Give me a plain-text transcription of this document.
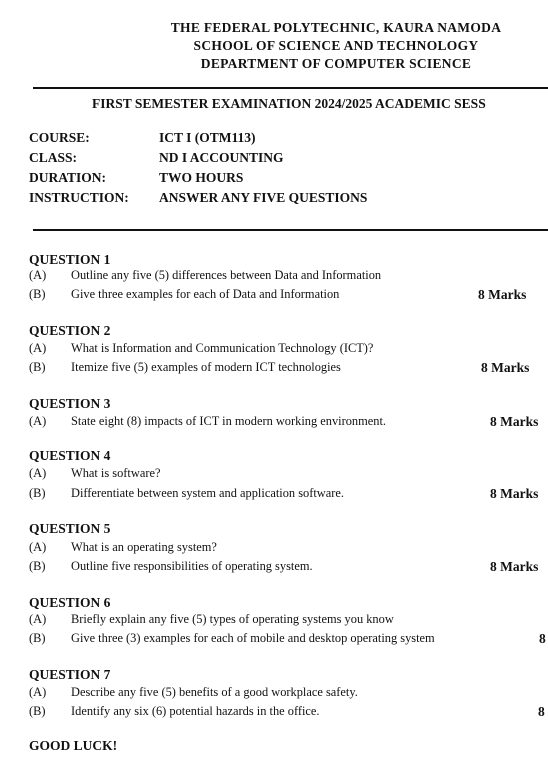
THE FEDERAL POLYTECHNIC, KAURA NAMODA
SCHOOL OF SCIENCE AND TECHNOLOGY
DEPARTMENT OF COMPUTER SCIENCE
FIRST SEMESTER EXAMINATION 2024/2025 ACADEMIC SESS
COURSE:	ICT I (OTM113)
CLASS:	ND I ACCOUNTING
DURATION:	TWO HOURS
INSTRUCTION: ANSWER ANY FIVE QUESTIONS
QUESTION 1
(A) Outline any five (5) differences between Data and Information
(B) Give three examples for each of Data and Information	8 Marks
QUESTION 2
(A) What is Information and Communication Technology (ICT)?
(B) Itemize five (5) examples of modern ICT technologies	8 Marks
QUESTION 3
(A) State eight (8) impacts of ICT in modern working environment.	8 Marks
QUESTION 4
(A) What is software?
(B) Differentiate between system and application software.	8 Marks
QUESTION 5
(A) What is an operating system?
(B) Outline five responsibilities of operating system.	8 Marks
QUESTION 6
(A) Briefly explain any five (5) types of operating systems you know
(B) Give three (3) examples for each of mobile and desktop operating system	8
QUESTION 7
(A) Describe any five (5) benefits of a good workplace safety.
(B) Identify any six (6) potential hazards in the office.	8
GOOD LUCK!
